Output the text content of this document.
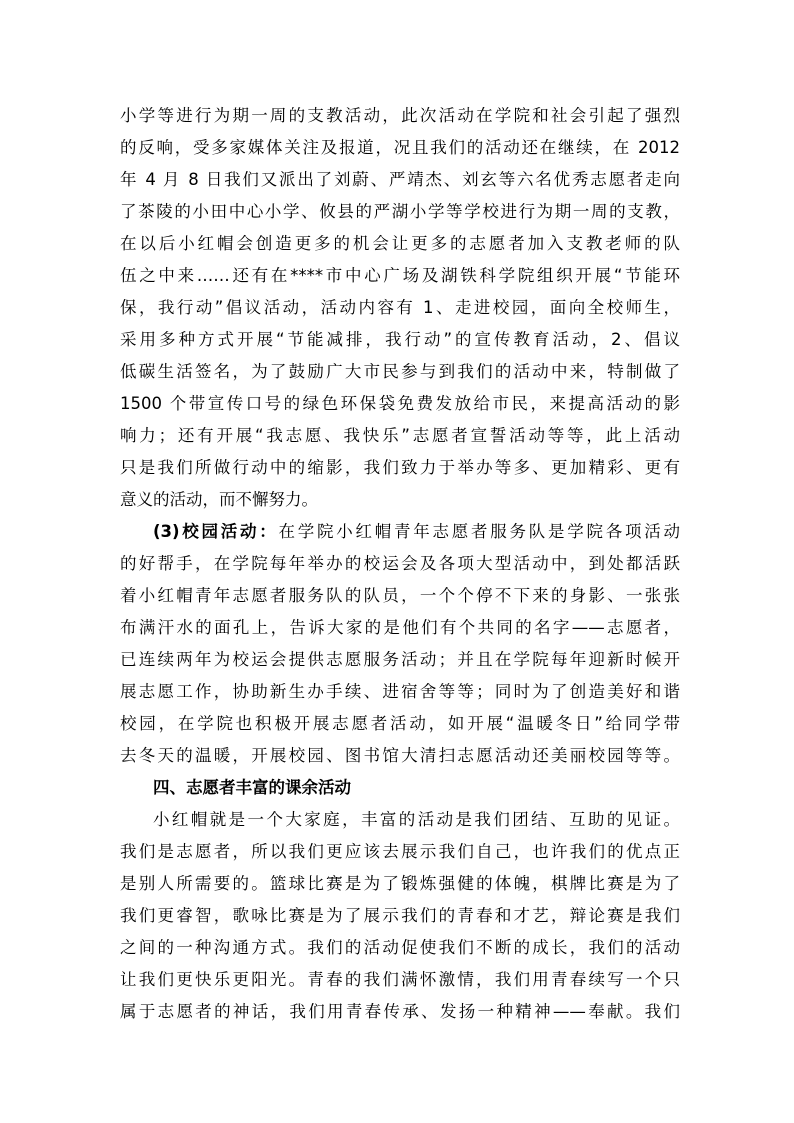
小学等进行为期一周的支教活动，此次活动在学院和社会引起了强烈
的反响，受多家媒体关注及报道，况且我们的活动还在继续，在 2012
年 4 月 8 日我们又派出了刘蔚、严靖杰、刘玄等六名优秀志愿者走向
了茶陵的小田中心小学、攸县的严湖小学等学校进行为期一周的支教，
在以后小红帽会创造更多的机会让更多的志愿者加入支教老师的队
伍之中来……还有在****市中心广场及湖铁科学院组织开展“节能环
保，我行动”倡议活动，活动内容有 1、走进校园，面向全校师生，
采用多种方式开展“节能减排，我行动”的宣传教育活动，2、倡议
低碳生活签名，为了鼓励广大市民参与到我们的活动中来，特制做了
1500 个带宣传口号的绿色环保袋免费发放给市民，来提高活动的影
响力；还有开展“我志愿、我快乐”志愿者宣誓活动等等，此上活动
只是我们所做行动中的缩影，我们致力于举办等多、更加精彩、更有
意义的活动，而不懈努力。
(3)校园活动：在学院小红帽青年志愿者服务队是学院各项活动
的好帮手，在学院每年举办的校运会及各项大型活动中，到处都活跃
着小红帽青年志愿者服务队的队员，一个个停不下来的身影、一张张
布满汗水的面孔上，告诉大家的是他们有个共同的名字——志愿者，
已连续两年为校运会提供志愿服务活动；并且在学院每年迎新时候开
展志愿工作，协助新生办手续、进宿舍等等；同时为了创造美好和谐
校园，在学院也积极开展志愿者活动，如开展“温暖冬日”给同学带
去冬天的温暖，开展校园、图书馆大清扫志愿活动还美丽校园等等。
四、志愿者丰富的课余活动
小红帽就是一个大家庭，丰富的活动是我们团结、互助的见证。
我们是志愿者，所以我们更应该去展示我们自己，也许我们的优点正
是别人所需要的。篮球比赛是为了锻炼强健的体魄，棋牌比赛是为了
我们更睿智，歌咏比赛是为了展示我们的青春和才艺，辩论赛是我们
之间的一种沟通方式。我们的活动促使我们不断的成长，我们的活动
让我们更快乐更阳光。青春的我们满怀激情，我们用青春续写一个只
属于志愿者的神话，我们用青春传承、发扬一种精神——奉献。我们
